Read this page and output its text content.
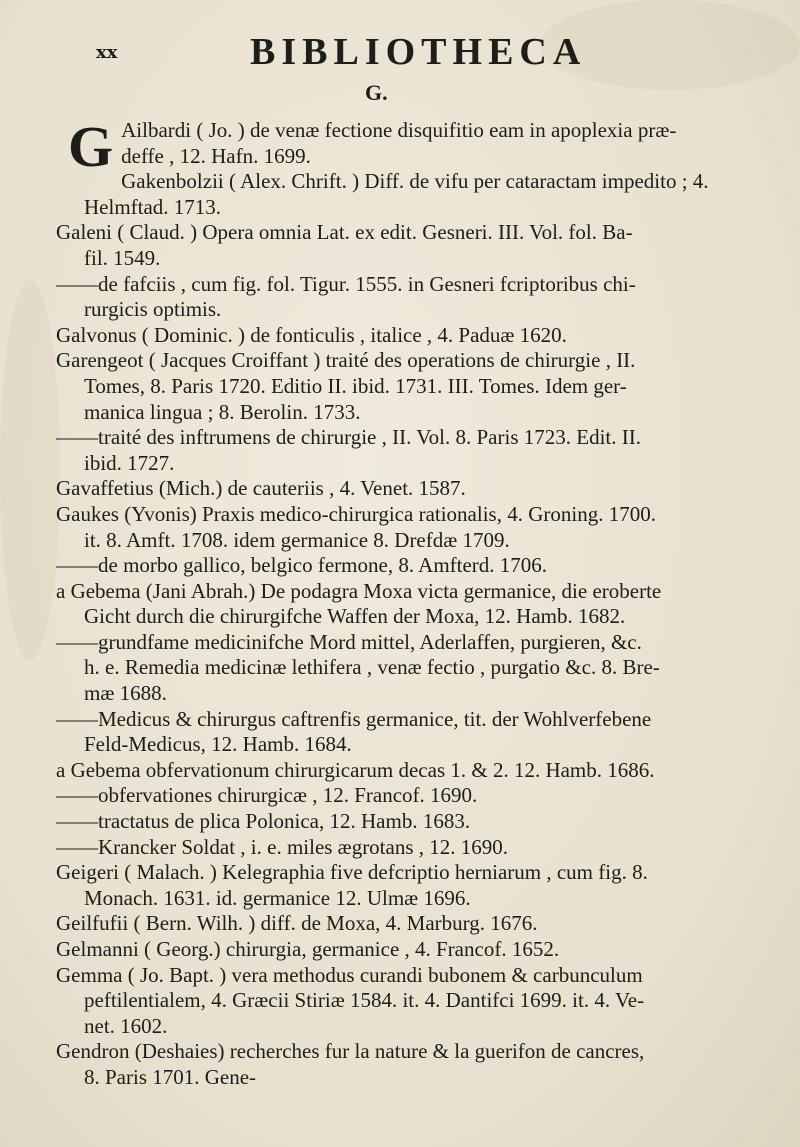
xx	BIBLIOTHECA
G.
G Ailbardi ( Jo. ) de venæ fectione disquifitio eam in apoplexia præ-
deffe , 12. Hafn. 1699.
Gakenbolzii ( Alex. Chrift. ) Diff. de vifu per cataractam impedito ; 4.
Helmftad. 1713.
Galeni ( Claud. ) Opera omnia Lat. ex edit. Gesneri. III. Vol. fol. Ba-
fil. 1549.
——de fafciis , cum fig. fol. Tigur. 1555. in Gesneri fcriptoribus chi-
rurgicis optimis.
Galvonus ( Dominic. ) de fonticulis , italice , 4. Paduæ 1620.
Garengeot ( Jacques Croiffant ) traité des operations de chirurgie , II.
Tomes, 8. Paris 1720. Editio II. ibid. 1731. III. Tomes. Idem ger-
manica lingua ; 8. Berolin. 1733.
——traité des inftrumens de chirurgie , II. Vol. 8. Paris 1723. Edit. II.
ibid. 1727.
Gavaffetius (Mich.) de cauteriis , 4. Venet. 1587.
Gaukes (Yvonis) Praxis medico-chirurgica rationalis, 4. Groning. 1700.
it. 8. Amft. 1708. idem germanice 8. Drefdæ 1709.
——de morbo gallico, belgico fermone, 8. Amfterd. 1706.
a Gebema (Jani Abrah.) De podagra Moxa victa germanice, die eroberte
Gicht durch die chirurgifche Waffen der Moxa, 12. Hamb. 1682.
——grundfame medicinifche Mord mittel, Aderlaffen, purgieren, &c.
h. e. Remedia medicinæ lethifera , venæ fectio , purgatio &c. 8. Bre-
mæ 1688.
——Medicus & chirurgus caftrenfis germanice, tit. der Wohlverfebene
Feld-Medicus, 12. Hamb. 1684.
a Gebema obfervationum chirurgicarum decas 1. & 2. 12. Hamb. 1686.
——obfervationes chirurgicæ , 12. Francof. 1690.
——tractatus de plica Polonica, 12. Hamb. 1683.
——Krancker Soldat , i. e. miles ægrotans , 12. 1690.
Geigeri ( Malach. ) Kelegraphia five defcriptio herniarum , cum fig. 8.
Monach. 1631. id. germanice 12. Ulmæ 1696.
Geilfufii ( Bern. Wilh. ) diff. de Moxa, 4. Marburg. 1676.
Gelmanni ( Georg.) chirurgia, germanice , 4. Francof. 1652.
Gemma ( Jo. Bapt. ) vera methodus curandi bubonem & carbunculum
peftilentialem, 4. Græcii Stiriæ 1584. it. 4. Dantifci 1699. it. 4. Ve-
net. 1602.
Gendron (Deshaies) recherches fur la nature & la guerifon de cancres,
8. Paris 1701. Gene-
